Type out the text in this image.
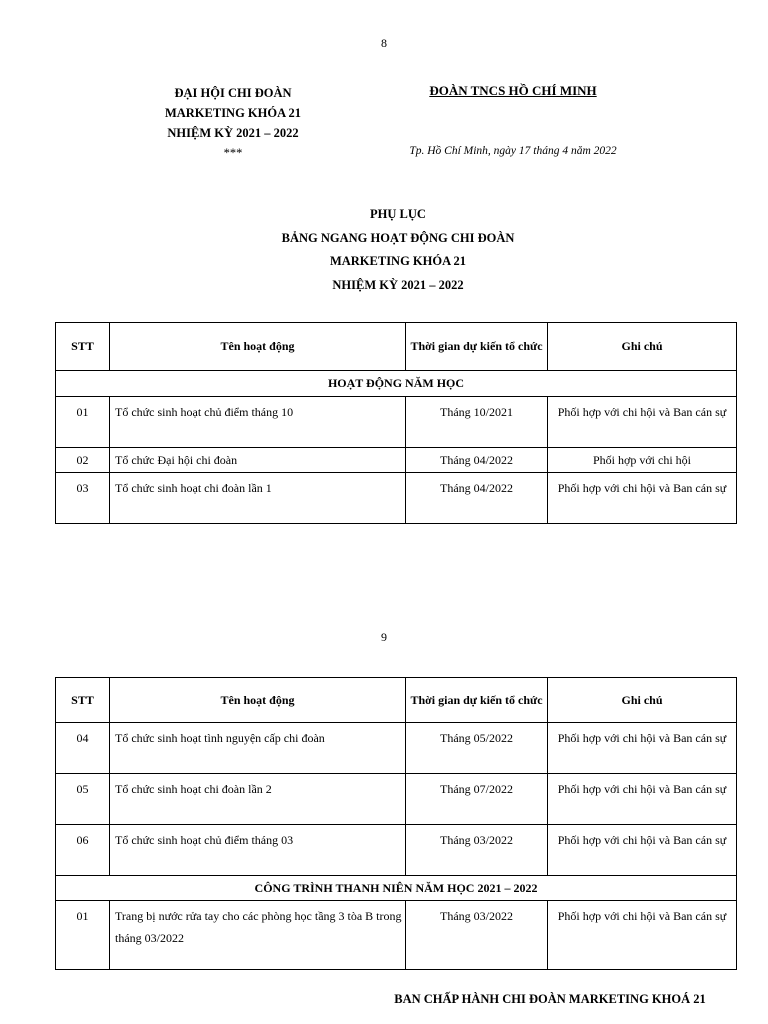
8
ĐẠI HỘI CHI ĐOÀN
MARKETING KHÓA 21
NHIỆM KỲ 2021 – 2022
***
ĐOÀN TNCS HỒ CHÍ MINH
Tp. Hồ Chí Minh, ngày 17 tháng 4 năm 2022
PHỤ LỤC
BẢNG NGANG HOẠT ĐỘNG CHI ĐOÀN
MARKETING KHÓA 21
NHIỆM KỲ 2021 – 2022
STT	Tên hoạt động	Thời gian dự kiến tổ chức	Ghi chú
HOẠT ĐỘNG NĂM HỌC			
01	Tổ chức sinh hoạt chủ điểm tháng 10	Tháng 10/2021	Phối hợp với chi hội và Ban cán sự
02	Tổ chức Đại hội chi đoàn	Tháng 04/2022	Phối hợp với chi hội
03	Tổ chức sinh hoạt chi đoàn lần 1	Tháng 04/2022	Phối hợp với chi hội và Ban cán sự
9
STT	Tên hoạt động	Thời gian dự kiến tổ chức	Ghi chú
04	Tổ chức sinh hoạt tình nguyện cấp chi đoàn	Tháng 05/2022	Phối hợp với chi hội và Ban cán sự
05	Tổ chức sinh hoạt chi đoàn lần 2	Tháng 07/2022	Phối hợp với chi hội và Ban cán sự
06	Tổ chức sinh hoạt chủ điểm tháng 03	Tháng 03/2022	Phối hợp với chi hội và Ban cán sự
CÔNG TRÌNH THANH NIÊN NĂM HỌC 2021 – 2022			
01	Trang bị nước rửa tay cho các phòng học tầng 3 tòa B trong tháng 03/2022	Tháng 03/2022	Phối hợp với chi hội và Ban cán sự
BAN CHẤP HÀNH CHI ĐOÀN MARKETING KHOÁ 21
